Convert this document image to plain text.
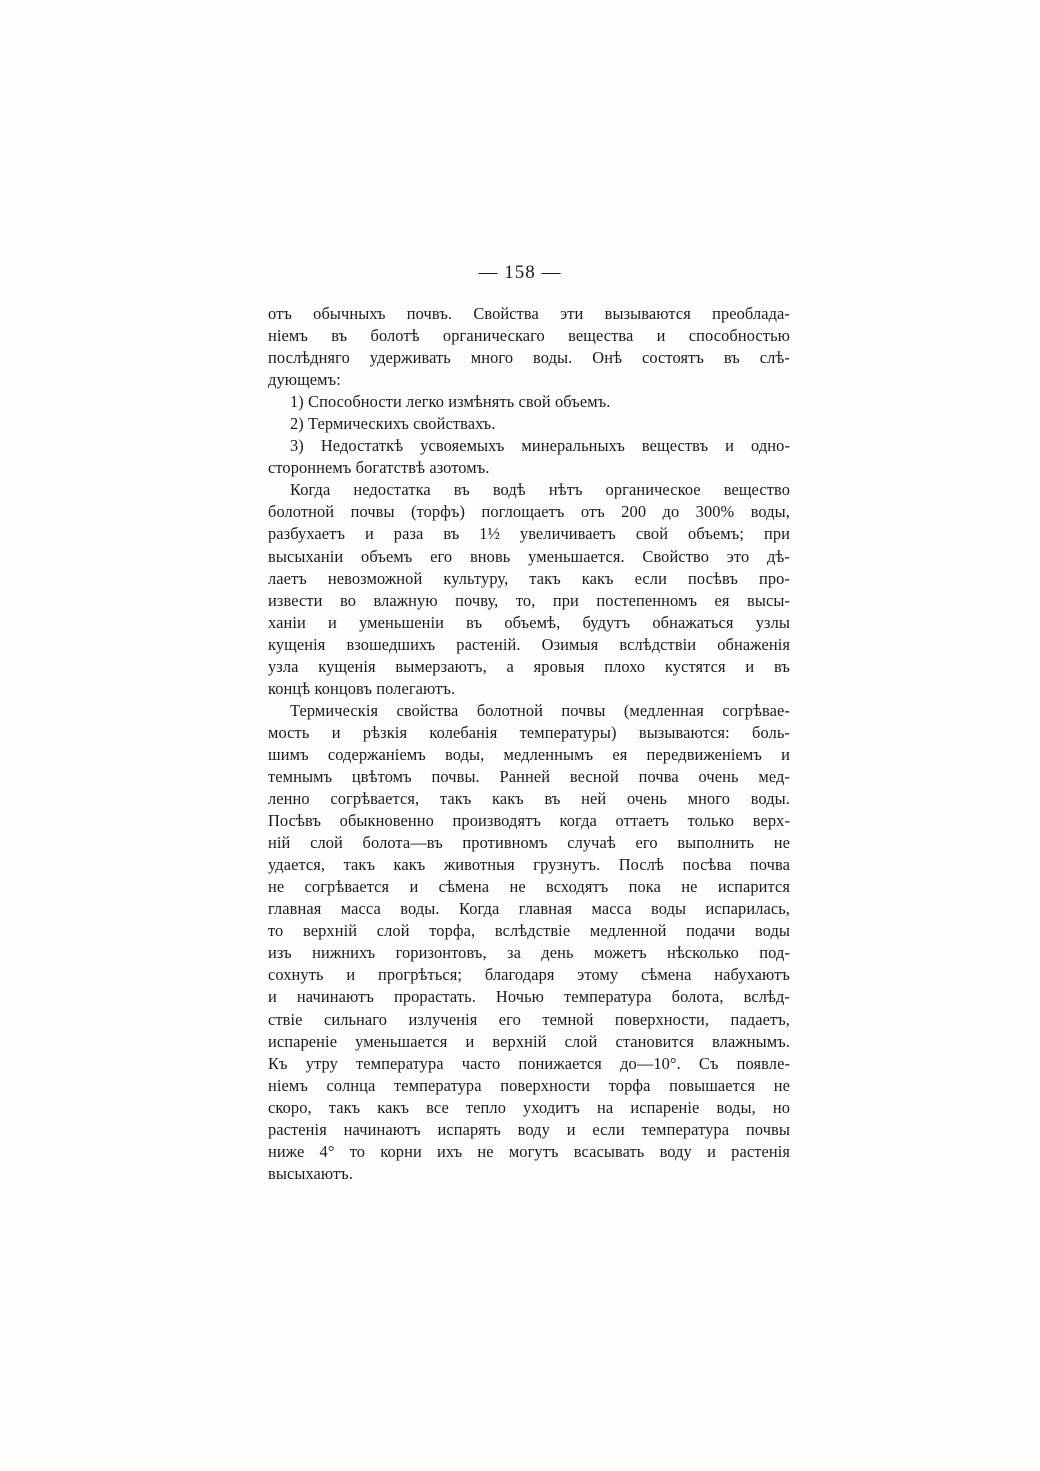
— 158 —
отъ обычныхъ почвъ. Свойства эти вызываются преоблада-
ніемъ въ болотѣ органическаго вещества и способностью
послѣдняго удерживать много воды. Онѣ состоятъ въ слѣ-
дующемъ:
1) Способности легко измѣнять свой объемъ.
2) Термическихъ свойствахъ.
3) Недостаткѣ усвояемыхъ минеральныхъ веществъ и одно-
стороннемъ богатствѣ азотомъ.
Когда недостатка въ водѣ нѣтъ органическое вещество
болотной почвы (торфъ) поглощаетъ отъ 200 до 300% воды,
разбухаетъ и раза въ 1½ увеличиваетъ свой объемъ; при
высыханіи объемъ его вновь уменьшается. Свойство это дѣ-
лаетъ невозможной культуру, такъ какъ если посѣвъ про-
извести во влажную почву, то, при постепенномъ ея высы-
ханіи и уменьшеніи въ объемѣ, будутъ обнажаться узлы
кущенія взошедшихъ растеній. Озимыя вслѣдствіи обнаженія
узла кущенія вымерзаютъ, а яровыя плохо кустятся и въ
концѣ концовъ полегаютъ.
Термическія свойства болотной почвы (медленная согрѣвае-
мость и рѣзкія колебанія температуры) вызываются: боль-
шимъ содержаніемъ воды, медленнымъ ея передвиженіемъ и
темнымъ цвѣтомъ почвы. Ранней весной почва очень мед-
ленно согрѣвается, такъ какъ въ ней очень много воды.
Посѣвъ обыкновенно производятъ когда оттаетъ только верх-
ній слой болота—въ противномъ случаѣ его выполнить не
удается, такъ какъ животныя грузнутъ. Послѣ посѣва почва
не согрѣвается и сѣмена не всходятъ пока не испарится
главная масса воды. Когда главная масса воды испарилась,
то верхній слой торфа, вслѣдствіе медленной подачи воды
изъ нижнихъ горизонтовъ, за день можетъ нѣсколько под-
сохнуть и прогрѣться; благодаря этому сѣмена набухаютъ
и начинаютъ прорастать. Ночью температура болота, вслѣд-
ствіе сильнаго излученія его темной поверхности, падаетъ,
испареніе уменьшается и верхній слой становится влажнымъ.
Къ утру температура часто понижается до—10°. Съ появле-
ніемъ солнца температура поверхности торфа повышается не
скоро, такъ какъ все тепло уходитъ на испареніе воды, но
растенія начинаютъ испарять воду и если температура почвы
ниже 4° то корни ихъ не могутъ всасывать воду и растенія
высыхаютъ.
